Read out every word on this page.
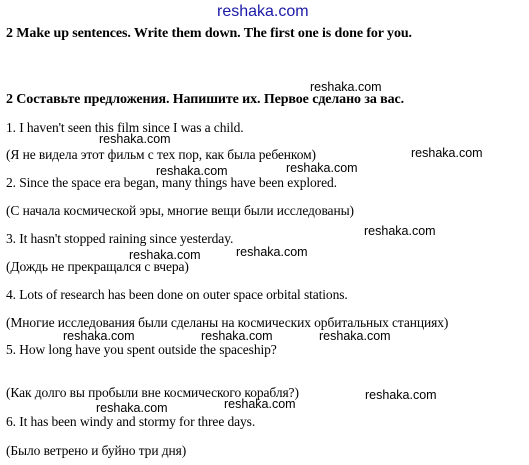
reshaka.com
2 Make up sentences. Write them down. The first one is done for you.
reshaka.com
2 Составьте предложения. Напишите их. Первое сделано за вас.
1. I haven't seen this film since I was a child.
reshaka.com
(Я не видела этот фильм с тех пор, как была ребенком)	reshaka.com
reshaka.com	reshaka.com
2. Since the space era began, many things have been explored.
(С начала космической эры, многие вещи были исследованы)
reshaka.com
3. It hasn't stopped raining since yesterday.
reshaka.com	reshaka.com
(Дождь не прекращался с вчера)
4. Lots of research has been done on outer space orbital stations.
(Многие исследования были сделаны на космических орбитальных станциях)
reshaka.com	reshaka.com	reshaka.com
5. How long have you spent outside the spaceship?
(Как долго вы пробыли вне космического корабля?)	reshaka.com
reshaka.com
reshaka.com
6. It has been windy and stormy for three days.
(Было ветрено и буйно три дня)
